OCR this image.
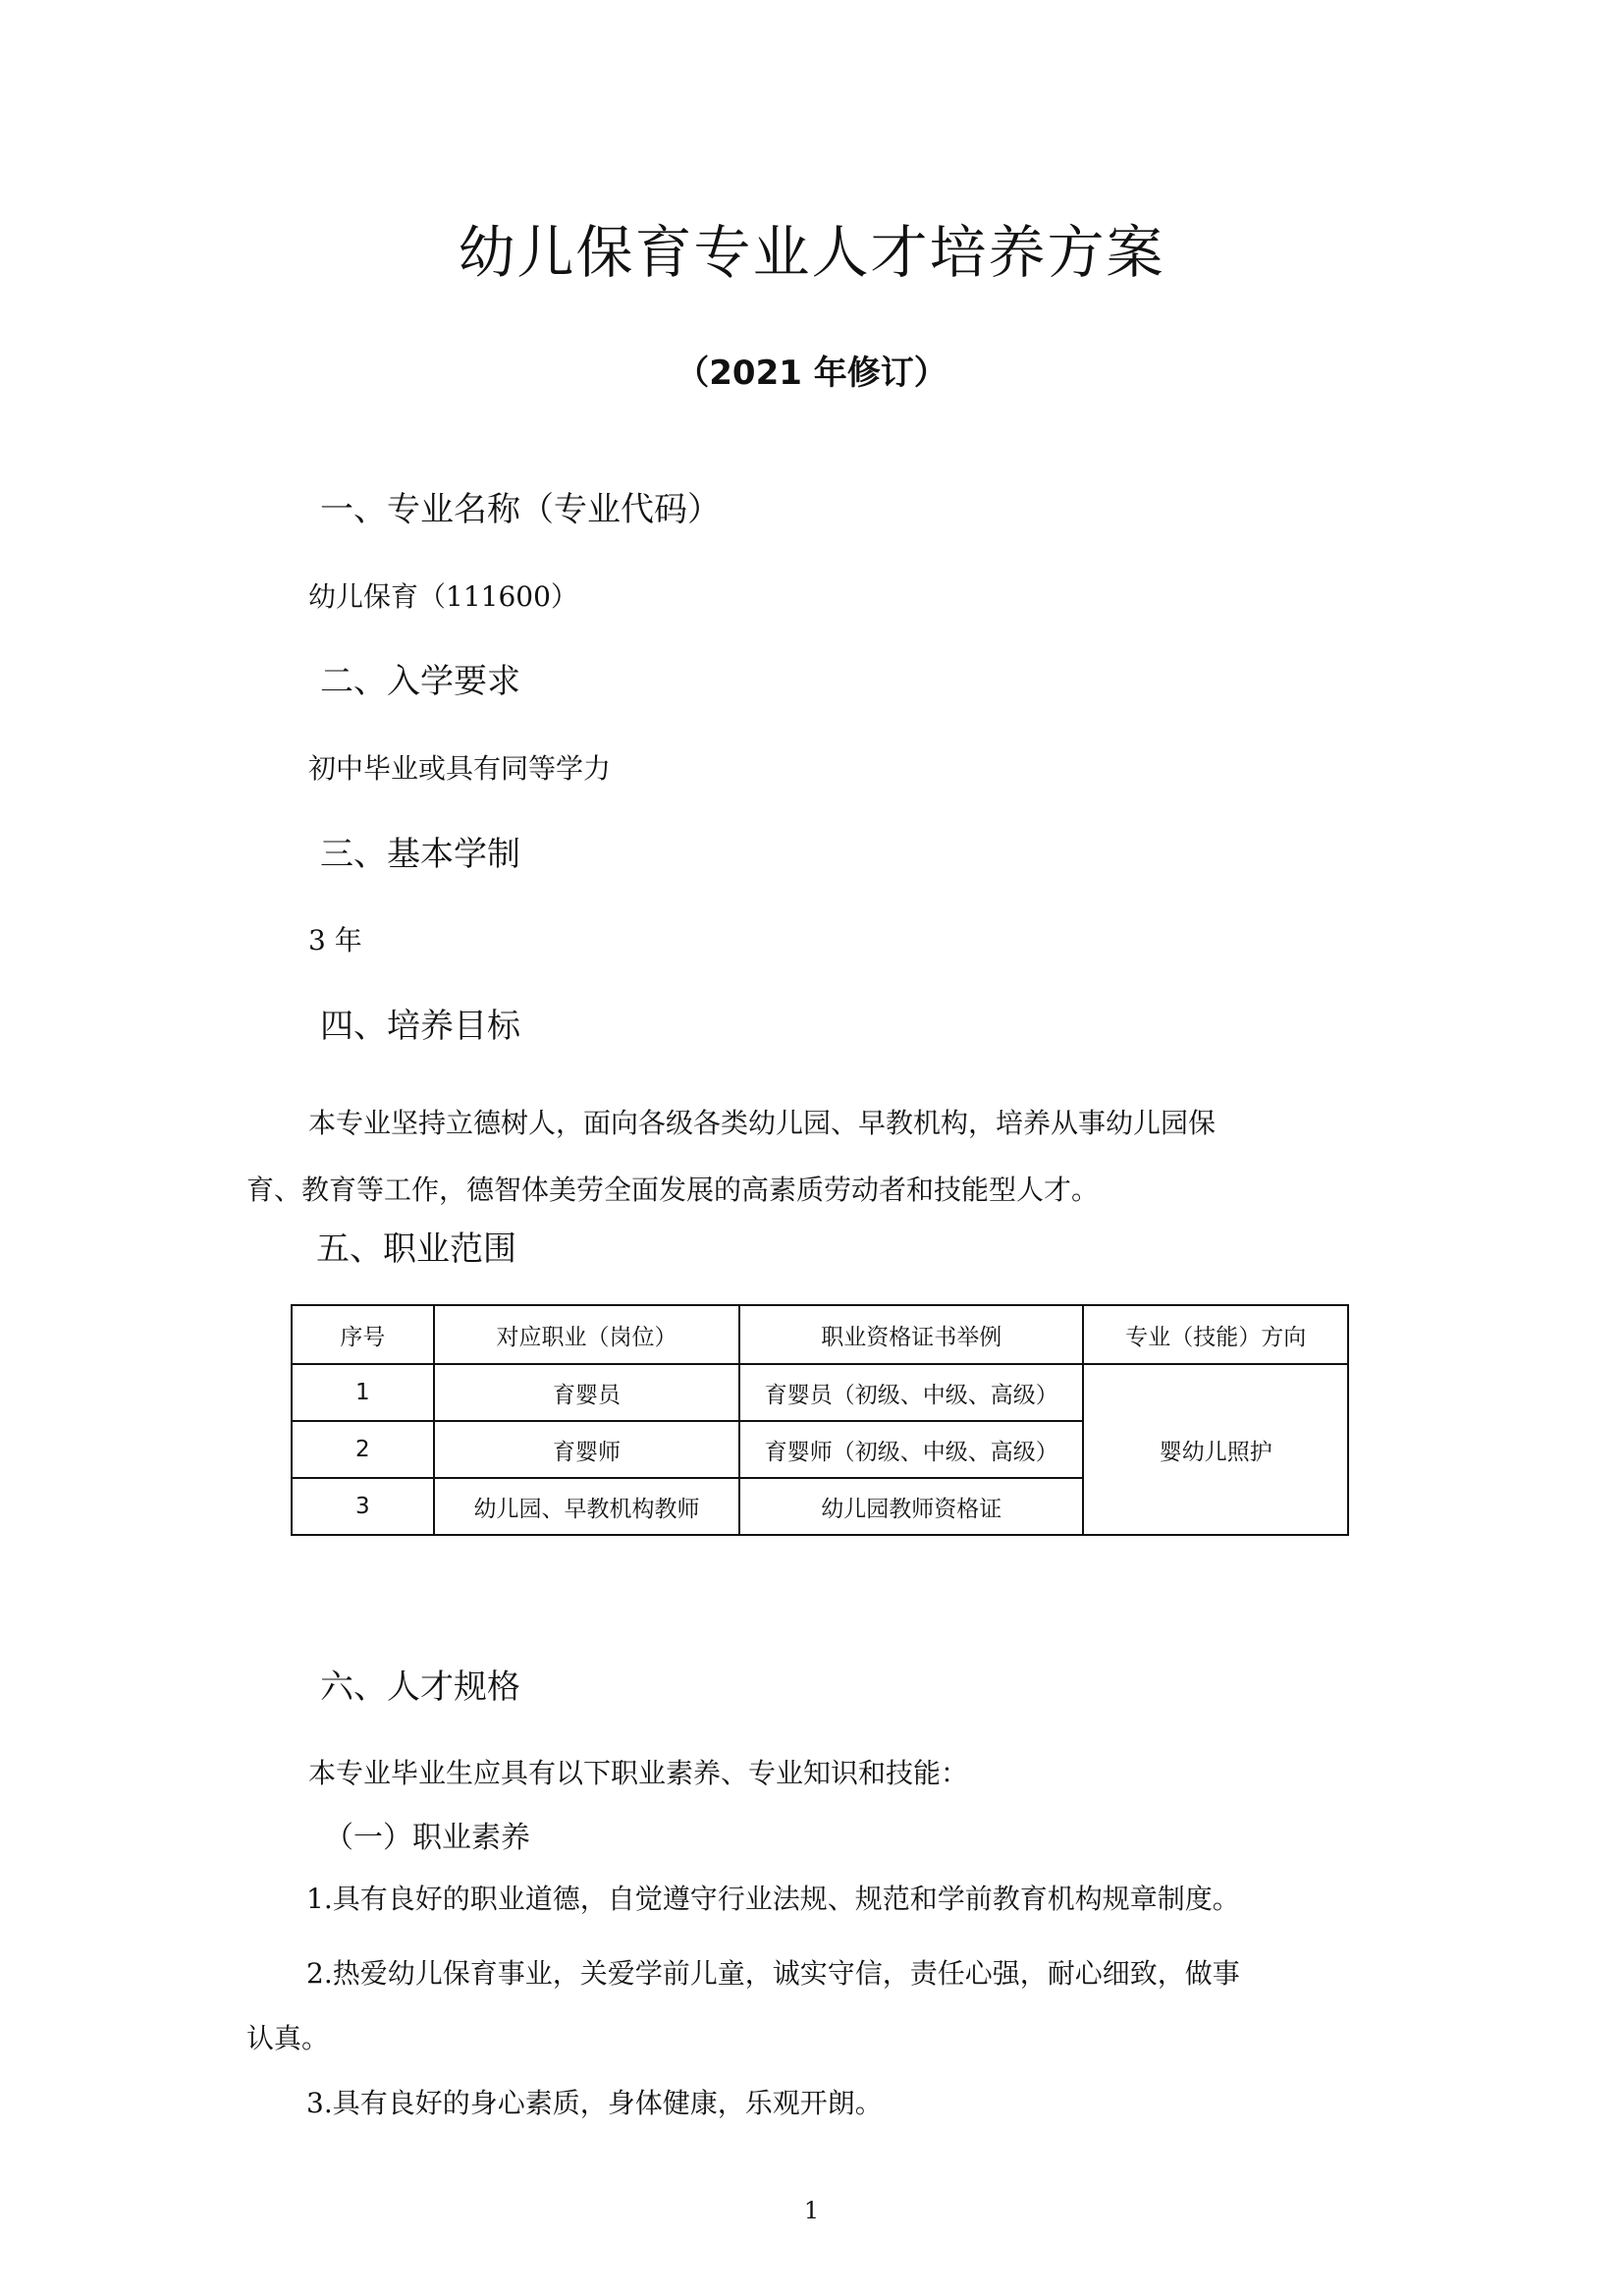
幼儿保育专业人才培养方案
（2021 年修订）
一、专业名称（专业代码）
幼儿保育（111600）
二、入学要求
初中毕业或具有同等学力
三、基本学制
3 年
四、培养目标
本专业坚持立德树人，面向各级各类幼儿园、早教机构，培养从事幼儿园保
育、教育等工作，德智体美劳全面发展的高素质劳动者和技能型人才。
五、职业范围
序号	对应职业（岗位）	职业资格证书举例	专业（技能）方向
1	育婴员	育婴员（初级、中级、高级）	婴幼儿照护
2	育婴师	育婴师（初级、中级、高级）	
3	幼儿园、早教机构教师	幼儿园教师资格证	
六、人才规格
本专业毕业生应具有以下职业素养、专业知识和技能：
（一）职业素养
1.具有良好的职业道德，自觉遵守行业法规、规范和学前教育机构规章制度。
2.热爱幼儿保育事业，关爱学前儿童，诚实守信，责任心强，耐心细致，做事
认真。
3.具有良好的身心素质，身体健康，乐观开朗。
1
